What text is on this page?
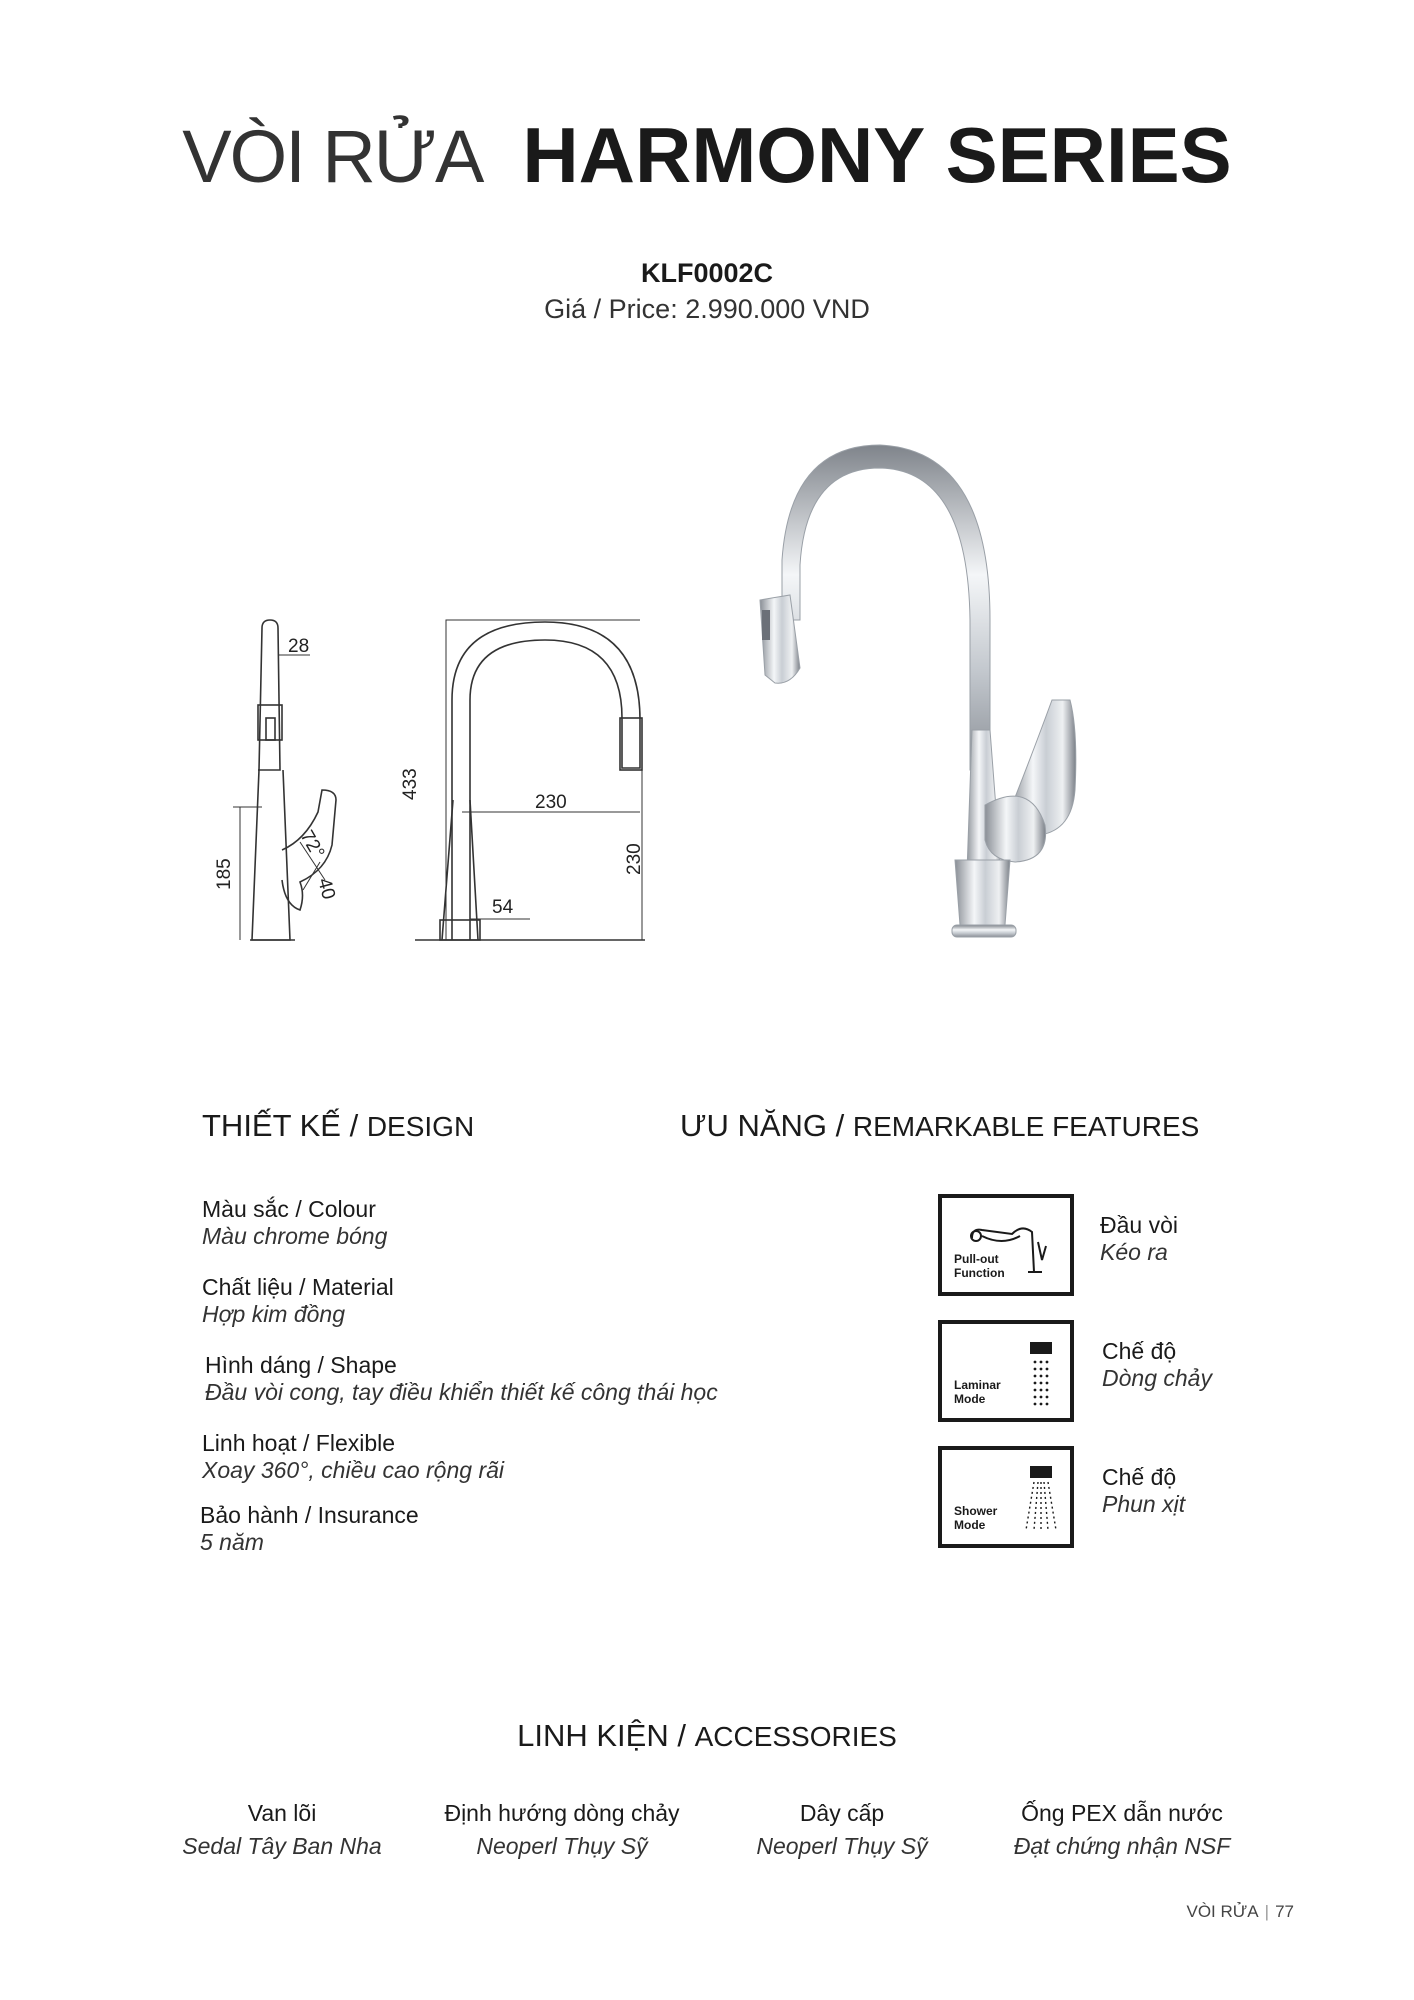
VÒI RỬA HARMONY SERIES
KLF0002C
Giá / Price: 2.990.000 VND
28
185
72°
40
433
230
230
54
THIẾT KẾ / DESIGN
Màu sắc / Colour
Màu chrome bóng
Chất liệu / Material
Hợp kim đồng
Hình dáng / Shape
Đầu vòi cong, tay điều khiển thiết kế công thái học
Linh hoạt / Flexible
Xoay 360°, chiều cao rộng rãi
Bảo hành / Insurance
5 năm
ƯU NĂNG / REMARKABLE FEATURES
Pull-out
Function
Đầu vòi
Kéo ra
Laminar
Mode
Chế độ
Dòng chảy
Shower
Mode
Chế độ
Phun xịt
LINH KIỆN / ACCESSORIES
Van lõi
Sedal Tây Ban Nha
Định hướng dòng chảy
Neoperl Thụy Sỹ
Dây cấp
Neoperl Thụy Sỹ
Ống PEX dẫn nước
Đạt chứng nhận NSF
VÒI RỬA | 77
